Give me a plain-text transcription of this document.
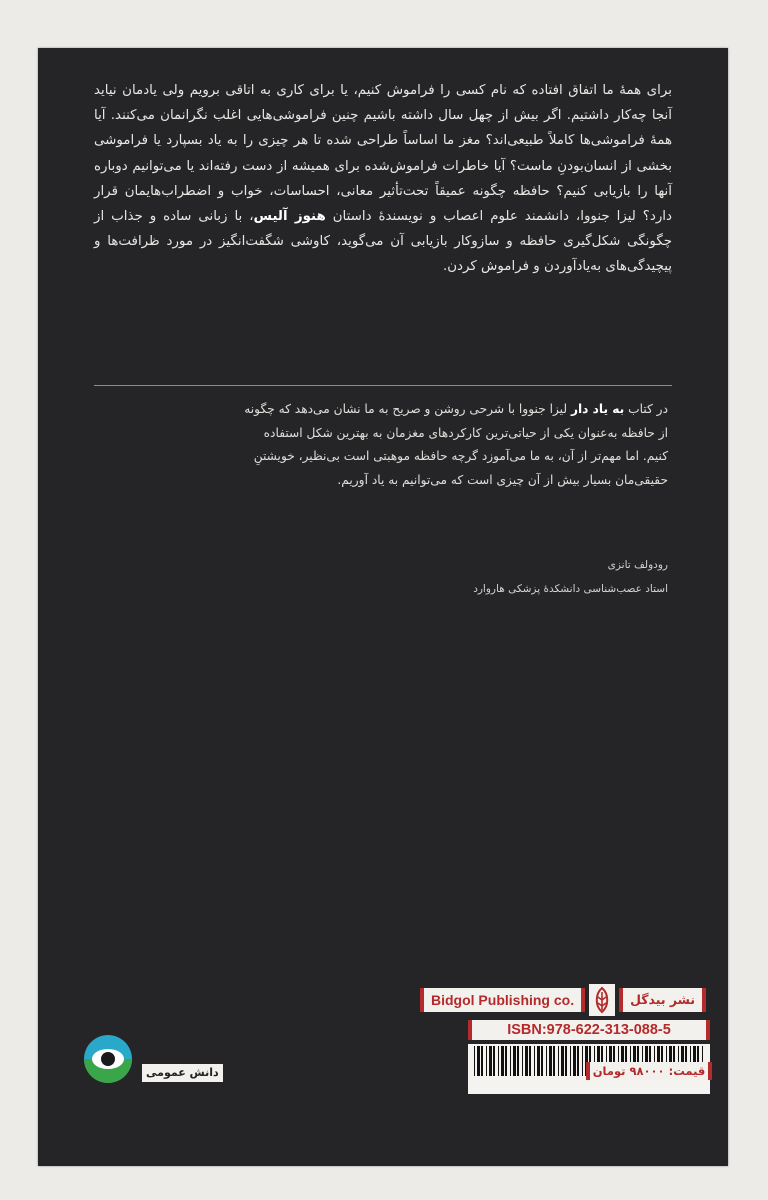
برای همهٔ ما اتفاق افتاده که نام کسی را فراموش کنیم، یا برای کاری به اتاقی برویم ولی یادمان نیاید آنجا چه‌کار داشتیم. اگر بیش از چهل سال داشته باشیم چنین فراموشی‌هایی اغلب نگرانمان می‌کنند. آیا همهٔ فراموشی‌ها کاملاً طبیعی‌اند؟ مغز ما اساساً طراحی شده تا هر چیزی را به یاد بسپارد یا فراموشی بخشی از انسان‌بودنِ ماست؟ آیا خاطرات فراموش‌شده برای همیشه از دست رفته‌اند یا می‌توانیم دوباره آنها را بازیابی کنیم؟ حافظه چگونه عمیقاً تحت‌تأثیر معانی، احساسات، خواب و اضطراب‌هایمان قرار دارد؟ لیزا جنووا، دانشمند علوم اعصاب و نویسندهٔ داستان هنوز آلیس، با زبانی ساده و جذاب از چگونگی شکل‌گیری حافظه و سازوکار بازیابی آن می‌گوید، کاوشی شگفت‌انگیز در مورد ظرافت‌ها و پیچیدگی‌های به‌یادآوردن و فراموش کردن.

در کتاب به یاد دار لیزا جنووا با شرحی روشن و صریح به ما نشان می‌دهد که چگونه از حافظه به‌عنوان یکی از حیاتی‌ترین کارکردهای مغزمان به بهترین شکل استفاده کنیم. اما مهم‌تر از آن، به ما می‌آموزد گرچه حافظه موهبتی است بی‌نظیر، خویشتنِ حقیقی‌مان بسیار بیش از آن چیزی است که می‌توانیم به یاد آوریم.

رودولف تانزی
استاد عصب‌شناسی دانشکدهٔ پزشکی هاروارد
Bidgol Publishing co.	نشر بیدگل
ISBN:978-622-313-088-5
قیمت: ۹۸۰۰۰ تومان
دانش عمومی
